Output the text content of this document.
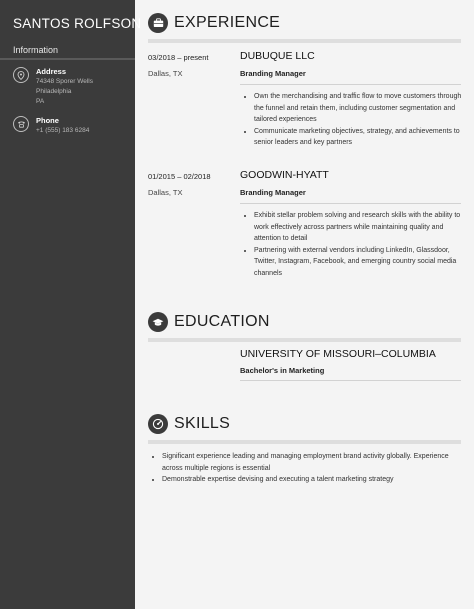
SANTOS ROLFSON
Information
Address
74348 Sporer Wells
Philadelphia
PA
Phone
+1 (555) 183 6284
EXPERIENCE
03/2018 – present
Dallas, TX
DUBUQUE LLC
Branding Manager
• Own the merchandising and traffic flow to move customers through the funnel and retain them, including customer segmentation and tailored experiences
• Communicate marketing objectives, strategy, and achievements to senior leaders and key partners
01/2015 – 02/2018
Dallas, TX
GOODWIN-HYATT
Branding Manager
• Exhibit stellar problem solving and research skills with the ability to work effectively across partners while maintaining quality and attention to detail
• Partnering with external vendors including LinkedIn, Glassdoor, Twitter, Instagram, Facebook, and emerging country social media channels
EDUCATION
UNIVERSITY OF MISSOURI–COLUMBIA
Bachelor's in Marketing
SKILLS
• Significant experience leading and managing employment brand activity globally. Experience across multiple regions is essential
• Demonstrable expertise devising and executing a talent marketing strategy
